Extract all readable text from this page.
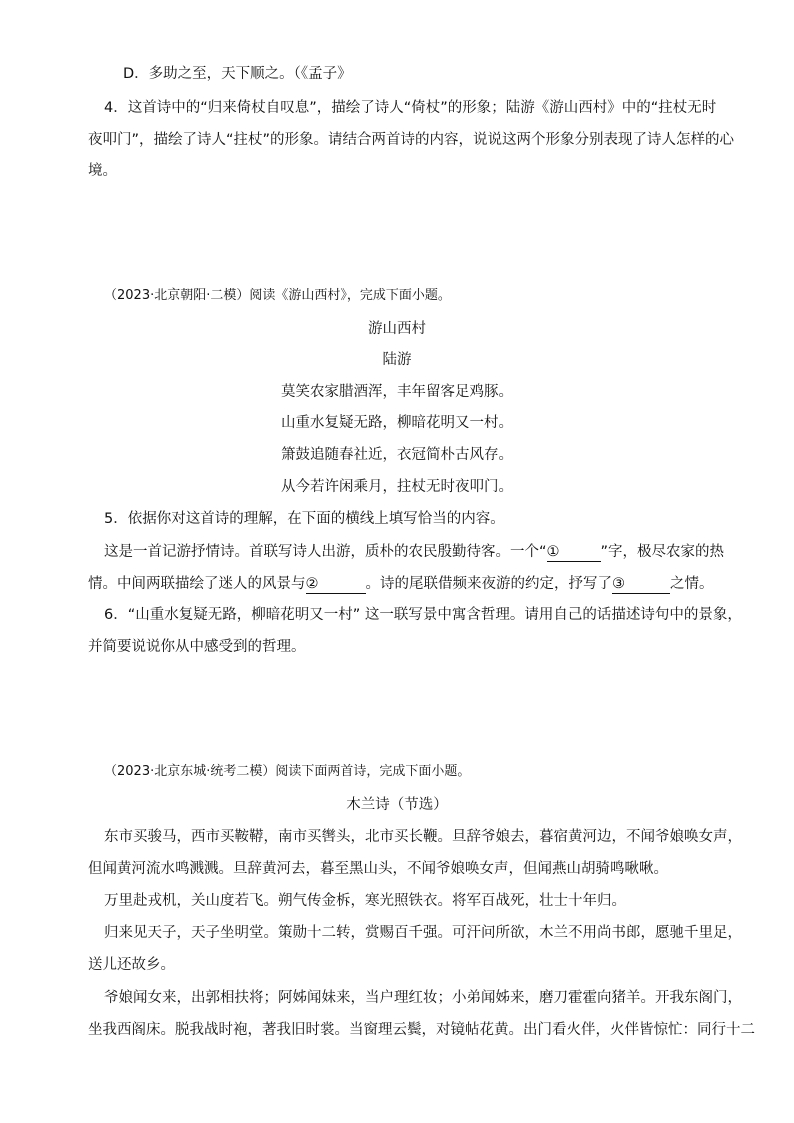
D．多助之至，天下顺之。（《孟子》
4．这首诗中的“归来倚杖自叹息”，描绘了诗人“倚杖”的形象；陆游《游山西村》中的“拄杖无时
夜叩门”，描绘了诗人“拄杖”的形象。请结合两首诗的内容，说说这两个形象分别表现了诗人怎样的心
境。
（2023·北京朝阳·二模）阅读《游山西村》，完成下面小题。
游山西村
陆游
莫笑农家腊酒浑，丰年留客足鸡豚。
山重水复疑无路，柳暗花明又一村。
箫鼓追随春社近，衣冠简朴古风存。
从今若许闲乘月，拄杖无时夜叩门。
5．依据你对这首诗的理解，在下面的横线上填写恰当的内容。
这是一首记游抒情诗。首联写诗人出游，质朴的农民殷勤待客。一个“①	”字，极尽农家的热
情。中间两联描绘了迷人的风景与②	。诗的尾联借频来夜游的约定，抒写了③	之情。
6．“山重水复疑无路，柳暗花明又一村” 这一联写景中寓含哲理。请用自己的话描述诗句中的景象，
并简要说说你从中感受到的哲理。
（2023·北京东城·统考二模）阅读下面两首诗，完成下面小题。
木兰诗（节选）
东市买骏马，西市买鞍鞯，南市买辔头，北市买长鞭。旦辞爷娘去，暮宿黄河边，不闻爷娘唤女声，
但闻黄河流水鸣溅溅。旦辞黄河去，暮至黑山头，不闻爷娘唤女声，但闻燕山胡骑鸣啾啾。
万里赴戎机，关山度若飞。朔气传金柝，寒光照铁衣。将军百战死，壮士十年归。
归来见天子，天子坐明堂。策勋十二转，赏赐百千强。可汗问所欲，木兰不用尚书郎，愿驰千里足，
送儿还故乡。
爷娘闻女来，出郭相扶将；阿姊闻妹来，当户理红妆；小弟闻姊来，磨刀霍霍向猪羊。开我东阁门，
坐我西阁床。脱我战时袍，著我旧时裳。当窗理云鬓，对镜帖花黄。出门看火伴，火伴皆惊忙：同行十二
